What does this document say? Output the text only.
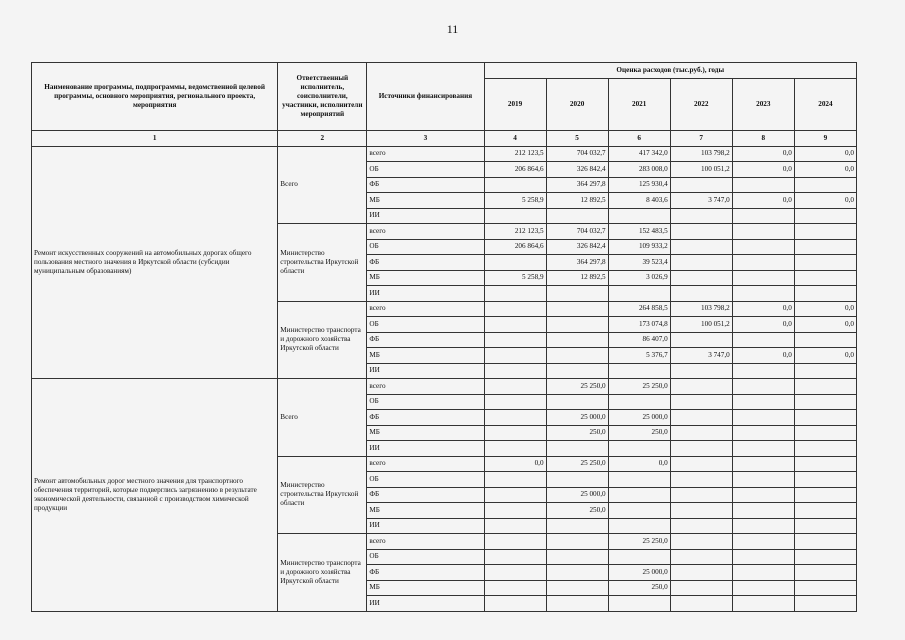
11
Наименование программы, подпрограммы, ведомственной целевой программы, основного мероприятия, регионального проекта, мероприятия	Ответственный исполнитель, соисполнители, участники, исполнители мероприятий	Источники финансирования	Оценка расходов (тыс.руб.), годы					
			2019	2020	2021	2022	2023	2024
1	2	3	4	5	6	7	8	9
Ремонт искусственных сооружений на автомобильных дорогах общего пользования местного значения в Иркутской области (субсидии муниципальным образованиям)	Всего	всего	212 123,5	704 032,7	417 342,0	103 798,2	0,0	0,0
		ОБ	206 864,6	326 842,4	283 008,0	100 051,2	0,0	0,0
		ФБ		364 297,8	125 930,4			
		МБ	5 258,9	12 892,5	8 403,6	3 747,0	0,0	0,0
		ИИ						
	Министерство строительства Иркутской области	всего	212 123,5	704 032,7	152 483,5			
		ОБ	206 864,6	326 842,4	109 933,2			
		ФБ		364 297,8	39 523,4			
		МБ	5 258,9	12 892,5	3 026,9			
		ИИ						
	Министерство транспорта и дорожного хозяйства Иркутской области	всего			264 858,5	103 798,2	0,0	0,0
		ОБ			173 074,8	100 051,2	0,0	0,0
		ФБ			86 407,0			
		МБ			5 376,7	3 747,0	0,0	0,0
		ИИ						
Ремонт автомобильных дорог местного значения для транспортного обеспечения территорий, которые подверглись загрязнению в результате экономической деятельности, связанной с производством химической продукции	Всего	всего		25 250,0	25 250,0			
		ОБ						
		ФБ		25 000,0	25 000,0			
		МБ		250,0	250,0			
		ИИ						
	Министерство строительства Иркутской области	всего	0,0	25 250,0	0,0			
		ОБ						
		ФБ		25 000,0				
		МБ		250,0				
		ИИ						
	Министерство транспорта и дорожного хозяйства Иркутской области	всего			25 250,0			
		ОБ						
		ФБ			25 000,0			
		МБ			250,0			
		ИИ						
